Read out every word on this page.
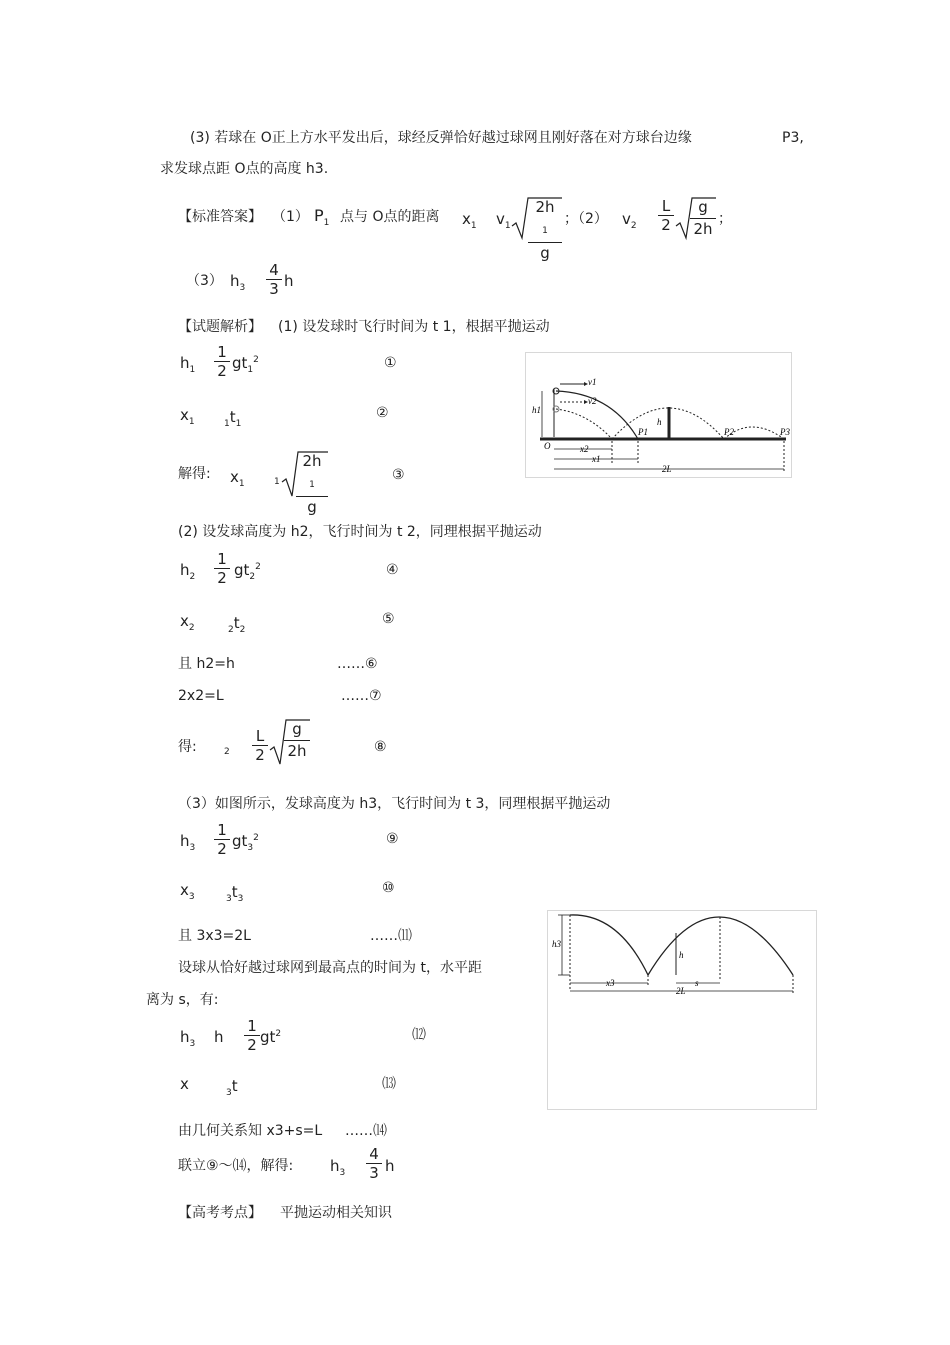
(3) 若球在 O正上方水平发出后，球经反弹恰好越过球网且刚好落在对方球台边缘	P3,
求发球点距 O点的高度 h3.
【标准答案】 （1） $P_1$ 点与 O点的距离 $x_1$ $v_1$
2h
$_1$
g
；（2） $v_2$
L
2
g
2h
；
（3） $h_3$
4
3 h
【试题解析】 (1) 设发球时飞行时间为 t 1，根据平抛运动
$h_1$
1
2 $gt_1^2$	①
$x_1$	$_1t_1$
②
解得: $x_1$	1
2h
$_1$
g
③
(2) 设发球高度为 h2，飞行时间为 t 2，同理根据平抛运动
$h_2$
1
2 $gt_2^2$	④
$x_2$	$_2t_2$
⑤
且 h2=h	……⑥
2x2=L	……⑦
得:	2
L
2
g
2h	⑧
（3）如图所示，发球高度为 h3，飞行时间为 t 3，同理根据平抛运动
$h_3$
1
2 $gt_3^2$	⑨
$x_3$	$_3t_3$
⑩
且 3x3=2L	……⑾
设球从恰好越过球网到最高点的时间为 t，水平距
离为 s，有:
$h_3$ h
1
2 $gt^2$	⑿
x	$_3$t	⒀
由几何关系知 x3+s=L ……⒁
联立⑨～⒁，解得: $h_3$
4
3 h
【高考考点】 平抛运动相关知识
v1
v2
h1
h
O
P1	P2	P3
x2
x1
2L
h3
h
x3	s
2L
